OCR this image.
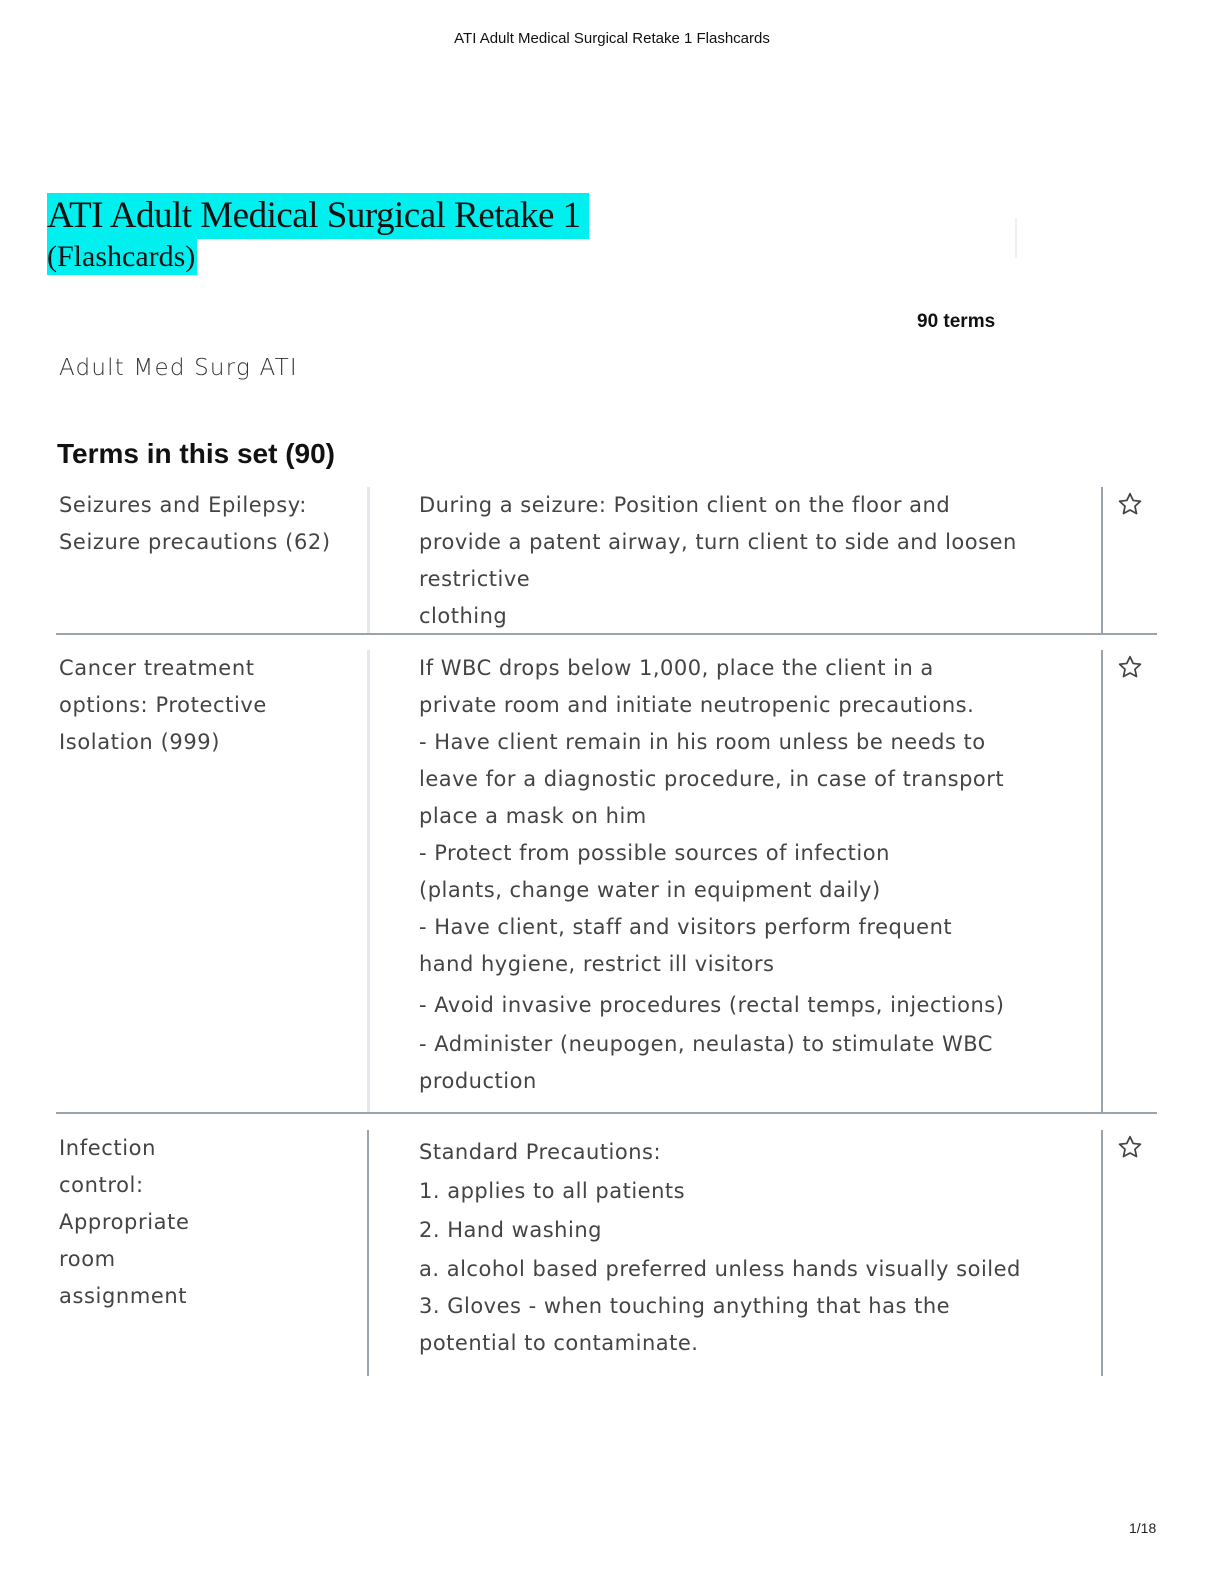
ATI Adult Medical Surgical Retake 1 Flashcards
ATI Adult Medical Surgical Retake 1
(Flashcards)
90 terms
Adult Med Surg ATI
Terms in this set (90)
Seizures and Epilepsy:
Seizure precautions (62)
During a seizure: Position client on the floor and
provide a patent airway, turn client to side and loosen
restrictive
clothing
Cancer treatment
options: Protective
Isolation (999)
If WBC drops below 1,000, place the client in a
private room and initiate neutropenic precautions.
- Have client remain in his room unless be needs to
leave for a diagnostic procedure, in case of transport
place a mask on him
- Protect from possible sources of infection
(plants, change water in equipment daily)
- Have client, staff and visitors perform frequent
hand hygiene, restrict ill visitors
- Avoid invasive procedures (rectal temps, injections)
- Administer (neupogen, neulasta) to stimulate WBC
production
Infection
control:
Appropriate
room
assignment
Standard Precautions:
1. applies to all patients
2. Hand washing
a. alcohol based preferred unless hands visually soiled
3. Gloves - when touching anything that has the
potential to contaminate.
1/18
